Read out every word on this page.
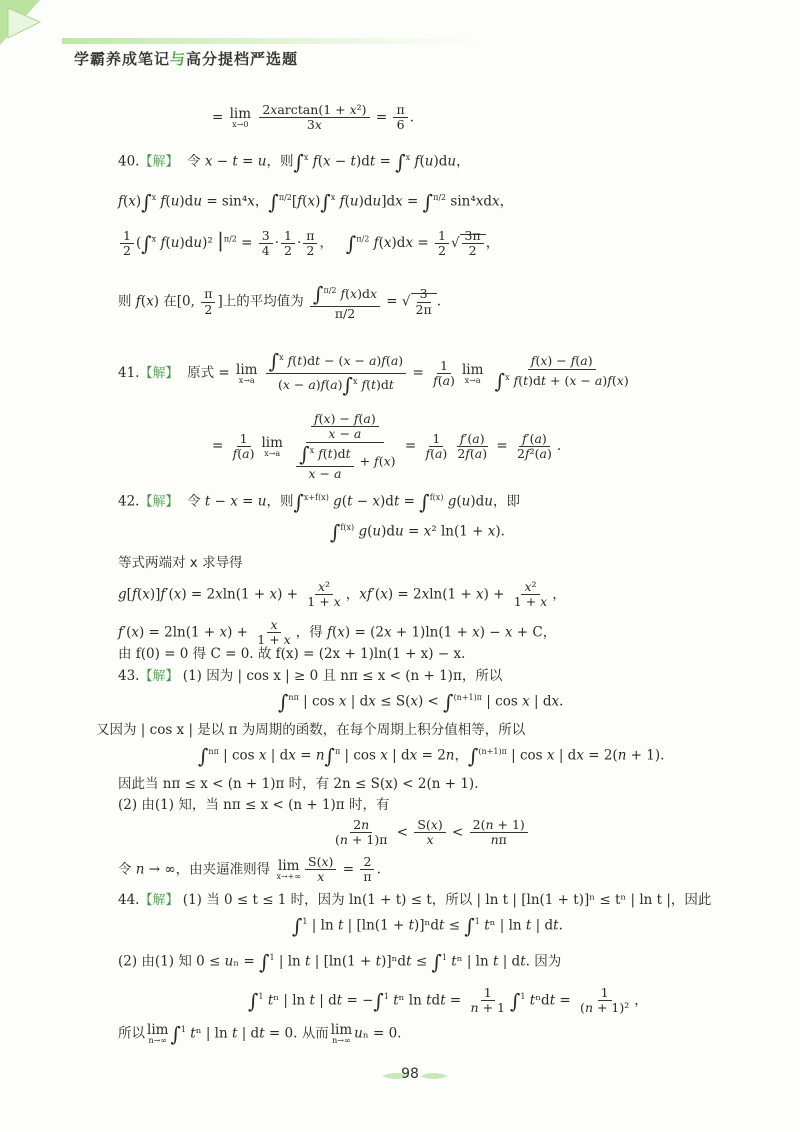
学霸养成笔记与高分提档严选题
= lim
x→0
$\frac{\text{2xarctan(1 + x²)}}{3x} = \frac{\pi}{6}$ .
40.【解】  令 x − t = u，则∫$^x$ f(x − t)dt = ∫$^x$ f(u)du，
f(x)∫$^x$ f(u)du = sin⁴x，∫$^{\pi/2}$[f(x)∫$^x$ f(u)du]dx = ∫$^{\pi/2}$ sin⁴xdx，
$\frac{1}{2} (\int^x$ f(u)du)² $|^{\pi/2} = \frac{3}{4} \cdot \frac{1}{2} \cdot \frac{\pi}{2}$ ，   ∫$^{\pi/2}$ $f(x)dx = \frac{1}{2}$ √ $\frac{3\pi}{2}$ ，
则 f(x) 在[0, $\frac{\pi}{2}$ ]上的平均值为 $\frac{\int^{\pi/2} f(x)dx}{\pi/2}$ = √ $\frac{3}{2\pi}$ .
41.【解】  原式 = lim
x→a
$\frac{\int^x f(t)dt - (x - a)f(a)}{(x - a)f(a)\int^x f(t)dt} = \frac{1}{f(a)}$ lim
x→a
$\frac{f(x) - f(a)}{\int^x f(t)dt + (x - a)f(x)}$
= $\frac{1}{f(a)}$ lim
x→a
$\frac{\frac{f(x) - f(a)}{x - a}}{\frac{\int^x f(t)dt}{x - a} + f(x)} = \frac{1}{f(a)} \frac{f'(a)}{2f(a)} = \frac{f'(a)}{\text{2f²(a)}}$ .
42.【解】  令 t − x = u，则∫$^{x+f(x)}$ g(t − x)dt = ∫$^{f(x)}$ g(u)du，即
∫$^{f(x)}$ g(u)du = x² ln(1 + x).
等式两端对 x 求导得
$g[f(x)]f'(x) = 2xln(1 + x) + \frac{\text{x²}}{1 + x}$ ，$xf'(x) = 2xln(1 + x) + \frac{\text{x²}}{1 + x}$ ，
$f'(x) = 2\ln(1 + x) + \frac{x}{1 + x}$ ，得 f(x) = (2x + 1)ln(1 + x) − x + C，
由 f(0) = 0 得 C = 0. 故 f(x) = (2x + 1)ln(1 + x) − x.
43.【解】 (1) 因为 | cos x | ≥ 0 且 nπ ≤ x < (n + 1)π，所以
∫$^{n\pi}$ | cos x | dx ≤ S(x) < ∫$^{(n+1)\pi}$ | cos x | dx.
又因为 | cos x | 是以 π 为周期的函数，在每个周期上积分值相等，所以
∫$^{n\pi}$ | cos x | dx = n∫$^\pi$ | cos x | dx = 2n，∫$^{(n+1)\pi}$ | cos x | dx = 2(n + 1).
因此当 nπ ≤ x < (n + 1)π 时，有 2n ≤ S(x) < 2(n + 1).
(2) 由(1) 知，当 nπ ≤ x < (n + 1)π 时，有
$\frac{2n}{(n + 1)\pi} < \frac{S(x)}{x} < \frac{2(n + 1)}{n\pi}$
令 n → ∞，由夹逼准则得 lim
$x\to+\infty \frac{S(x)}{x} = \frac{2}{\pi}$ .
44.【解】 (1) 当 0 ≤ t ≤ 1 时，因为 ln(1 + t) ≤ t，所以 | ln t | [ln(1 + t)]ⁿ ≤ tⁿ | ln t |，因此
∫$^1$ | ln t | [ln(1 + t)]ⁿdt ≤ ∫$^1$ tⁿ | ln t | dt.
(2) 由(1) 知 0 ≤ uₙ = ∫$^1$ | ln t | [ln(1 + t)]ⁿdt ≤ ∫$^1$ tⁿ | ln t | dt. 因为
∫$^1$ tⁿ | ln t | dt = −∫$^1$ tⁿ ln tdt = $\frac{1}{n + 1} \int^1$ $t^ndt = \frac{1}{\text{(n + 1)²}}$ ，
所以 lim
n→∞ ∫$^1$ tⁿ | ln t | dt = 0. 从而 lim
n→∞ uₙ = 0.
98
